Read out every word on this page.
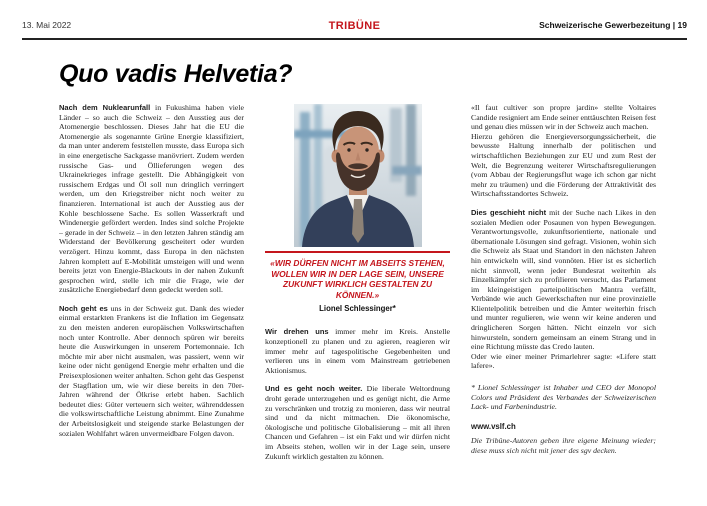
13. Mai 2022	TRIBÜNE	Schweizerische Gewerbezeitung | 19
Quo vadis Helvetia?

Nach dem Nuklearunfall in Fukushima haben viele Länder – so auch die Schweiz – den Ausstieg aus der Atomenergie beschlossen. Dieses Jahr hat die EU die Atomenergie als sogenannte Grüne Energie klassifiziert, da man unter anderem feststellen musste, dass Europa sich in eine energetische Sackgasse manövriert. Zudem werden russische Gas- und Öllieferungen wegen des Ukrainekrieges infrage gestellt. Die Abhängigkeit von russischem Erdgas und Öl soll nun dringlich verringert werden, um den Kriegstreiber nicht noch weiter zu finanzieren. International ist auch der Ausstieg aus der Kohle beschlossene Sache. Es sollen Wasserkraft und Windenergie gefördert werden. Indes sind solche Projekte – gerade in der Schweiz – in den letzten Jahren ständig am Widerstand der Bevölkerung gescheitert oder wurden verzögert. Hinzu kommt, dass Europa in den nächsten Jahren komplett auf E-Mobilität umsteigen will und wenn bereits jetzt von Energie-Blackouts in der nahen Zukunft gesprochen wird, stelle ich mir die Frage, wie der zusätzliche Energiebedarf denn gedeckt werden soll.

Noch geht es uns in der Schweiz gut. Dank des wieder einmal erstarkten Frankens ist die Inflation im Gegensatz zu den meisten anderen europäischen Volkswirtschaften noch unter Kontrolle. Aber dennoch spüren wir bereits heute die Auswirkungen in unserem Portemonnaie. Ich möchte mir aber nicht ausmalen, was passiert, wenn wir keine oder nicht genügend Energie mehr erhalten und die Preisexplosionen weiter anhalten. Schon geht das Gespenst der Stagflation um, wie wir diese bereits in den 70er-Jahren während der Ölkrise erlebt haben. Sachlich bedeutet dies: Güter verteuern sich weiter, währenddessen die volkswirtschaftliche Leistung abnimmt. Eine Zunahme der Arbeitslosigkeit und steigende starke Belastungen der sozialen Wohlfahrt wären unvermeidbare Folgen davon.

«WIR DÜRFEN NICHT IM ABSEITS STEHEN, WOLLEN WIR IN DER LAGE SEIN, UNSERE ZUKUNFT WIRKLICH GESTALTEN ZU KÖNNEN.»
Lionel Schlessinger*

Wir drehen uns immer mehr im Kreis. Anstelle konzeptionell zu planen und zu agieren, reagieren wir immer mehr auf tagespolitische Gegebenheiten und verlieren uns in einem vom Mainstream getriebenen Aktionismus.

Und es geht noch weiter. Die liberale Weltordnung droht gerade unterzugehen und es genügt nicht, die Arme zu verschränken und trotzig zu monieren, dass wir neutral sind und da nicht mitmachen. Die ökonomische, ökologische und politische Globalisierung – mit all ihren Chancen und Gefahren – ist ein Fakt und wir dürfen nicht im Abseits stehen, wollen wir in der Lage sein, unsere Zukunft wirklich gestalten zu können.

«Il faut cultiver son propre jardin» stellte Voltaires Candide resigniert am Ende seiner enttäuschten Reisen fest und genau dies müssen wir in der Schweiz auch machen.
Hierzu gehören die Energieversorgungssicherheit, die bewusste Haltung innerhalb der politischen und wirtschaftlichen Beziehungen zur EU und zum Rest der Welt, die Begrenzung weiterer Wirtschaftsregulierungen (vom Abbau der Regierungsflut wage ich schon gar nicht mehr zu träumen) und die Förderung der Attraktivität des Wirtschaftsstandortes Schweiz.

Dies geschieht nicht mit der Suche nach Likes in den sozialen Medien oder Posaunen von hypen Bewegungen. Verantwortungsvolle, zukunftsorientierte, nationale und übernationale Lösungen sind gefragt. Visionen, wohin sich die Schweiz als Staat und Standort in den nächsten Jahren hin entwickeln will, sind vonnöten. Hier ist es sicherlich nicht sinnvoll, wenn jeder Bundesrat weiterhin als Einzelkämpfer sich zu profilieren versucht, das Parlament im kleingeistigen parteipolitischen Mantra verfällt, Verbände wie auch Gewerkschaften nur eine provinzielle Klientelpolitik betreiben und die Ämter weiterhin frisch und munter regulieren, wie wenn wir keine anderen und dringlicheren Sorgen hätten. Nicht einzeln vor sich hinwursteln, sondern gemeinsam an einem Strang und in eine Richtung müsste das Credo lauten.
Oder wie einer meiner Primarlehrer sagte: «Lifere statt lafere».

* Lionel Schlessinger ist Inhaber und CEO der Monopol Colors und Präsident des Verbandes der Schweizerischen Lack- und Farbenindustrie.

www.vslf.ch

Die Tribüne-Autoren geben ihre eigene Meinung wieder; diese muss sich nicht mit jener des sgv decken.
